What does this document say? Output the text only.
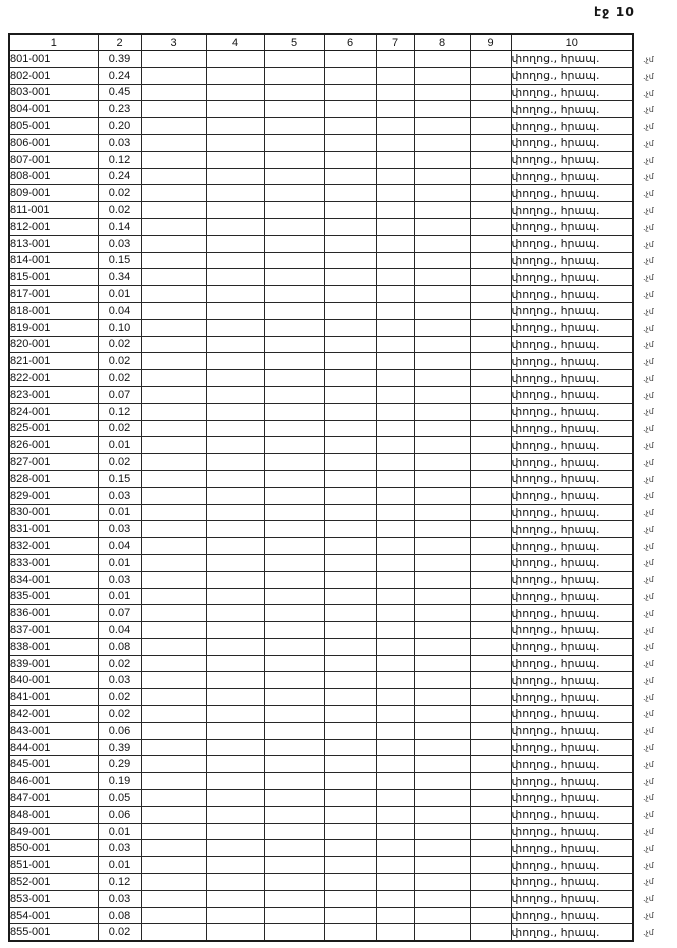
էջ 10
1	2	3	4	5	6	7	8	9	10
801-001	0.39								փողոց., հրապ.
802-001	0.24								փողոց., հրապ.
803-001	0.45								փողոց., հրապ.
804-001	0.23								փողոց., հրապ.
805-001	0.20								փողոց., հրապ.
806-001	0.03								փողոց., հրապ.
807-001	0.12								փողոց., հրապ.
808-001	0.24								փողոց., հրապ.
809-001	0.02								փողոց., հրապ.
811-001	0.02								փողոց., հրապ.
812-001	0.14								փողոց., հրապ.
813-001	0.03								փողոց., հրապ.
814-001	0.15								փողոց., հրապ.
815-001	0.34								փողոց., հրապ.
817-001	0.01								փողոց., հրապ.
818-001	0.04								փողոց., հրապ.
819-001	0.10								փողոց., հրապ.
820-001	0.02								փողոց., հրապ.
821-001	0.02								փողոց., հրապ.
822-001	0.02								փողոց., հրապ.
823-001	0.07								փողոց., հրապ.
824-001	0.12								փողոց., հրապ.
825-001	0.02								փողոց., հրապ.
826-001	0.01								փողոց., հրապ.
827-001	0.02								փողոց., հրապ.
828-001	0.15								փողոց., հրապ.
829-001	0.03								փողոց., հրապ.
830-001	0.01								փողոց., հրապ.
831-001	0.03								փողոց., հրապ.
832-001	0.04								փողոց., հրապ.
833-001	0.01								փողոց., հրապ.
834-001	0.03								փողոց., հրապ.
835-001	0.01								փողոց., հրապ.
836-001	0.07								փողոց., հրապ.
837-001	0.04								փողոց., հրապ.
838-001	0.08								փողոց., հրապ.
839-001	0.02								փողոց., հրապ.
840-001	0.03								փողոց., հրապ.
841-001	0.02								փողոց., հրապ.
842-001	0.02								փողոց., հրապ.
843-001	0.06								փողոց., հրապ.
844-001	0.39								փողոց., հրապ.
845-001	0.29								փողոց., հրապ.
846-001	0.19								փողոց., հրապ.
847-001	0.05								փողոց., հրապ.
848-001	0.06								փողոց., հրապ.
849-001	0.01								փողոց., հրապ.
850-001	0.03								փողոց., հրապ.
851-001	0.01								փողոց., հրապ.
852-001	0.12								փողոց., հրապ.
853-001	0.03								փողոց., հրապ.
854-001	0.08								փողոց., հրապ.
855-001	0.02								փողոց., հրապ.
.չմ
.չմ
.չմ
.չմ
.չմ
.չմ
.չմ
.չմ
.չմ
.չմ
.չմ
.չմ
.չմ
.չմ
.չմ
.չմ
.չմ
.չմ
.չմ
.չմ
.չմ
.չմ
.չմ
.չմ
.չմ
.չմ
.չմ
.չմ
.չմ
.չմ
.չմ
.չմ
.չմ
.չմ
.չմ
.չմ
.չմ
.չմ
.չմ
.չմ
.չմ
.չմ
.չմ
.չմ
.չմ
.չմ
.չմ
.չմ
.չմ
.չմ
.չմ
.չմ
.չմ
